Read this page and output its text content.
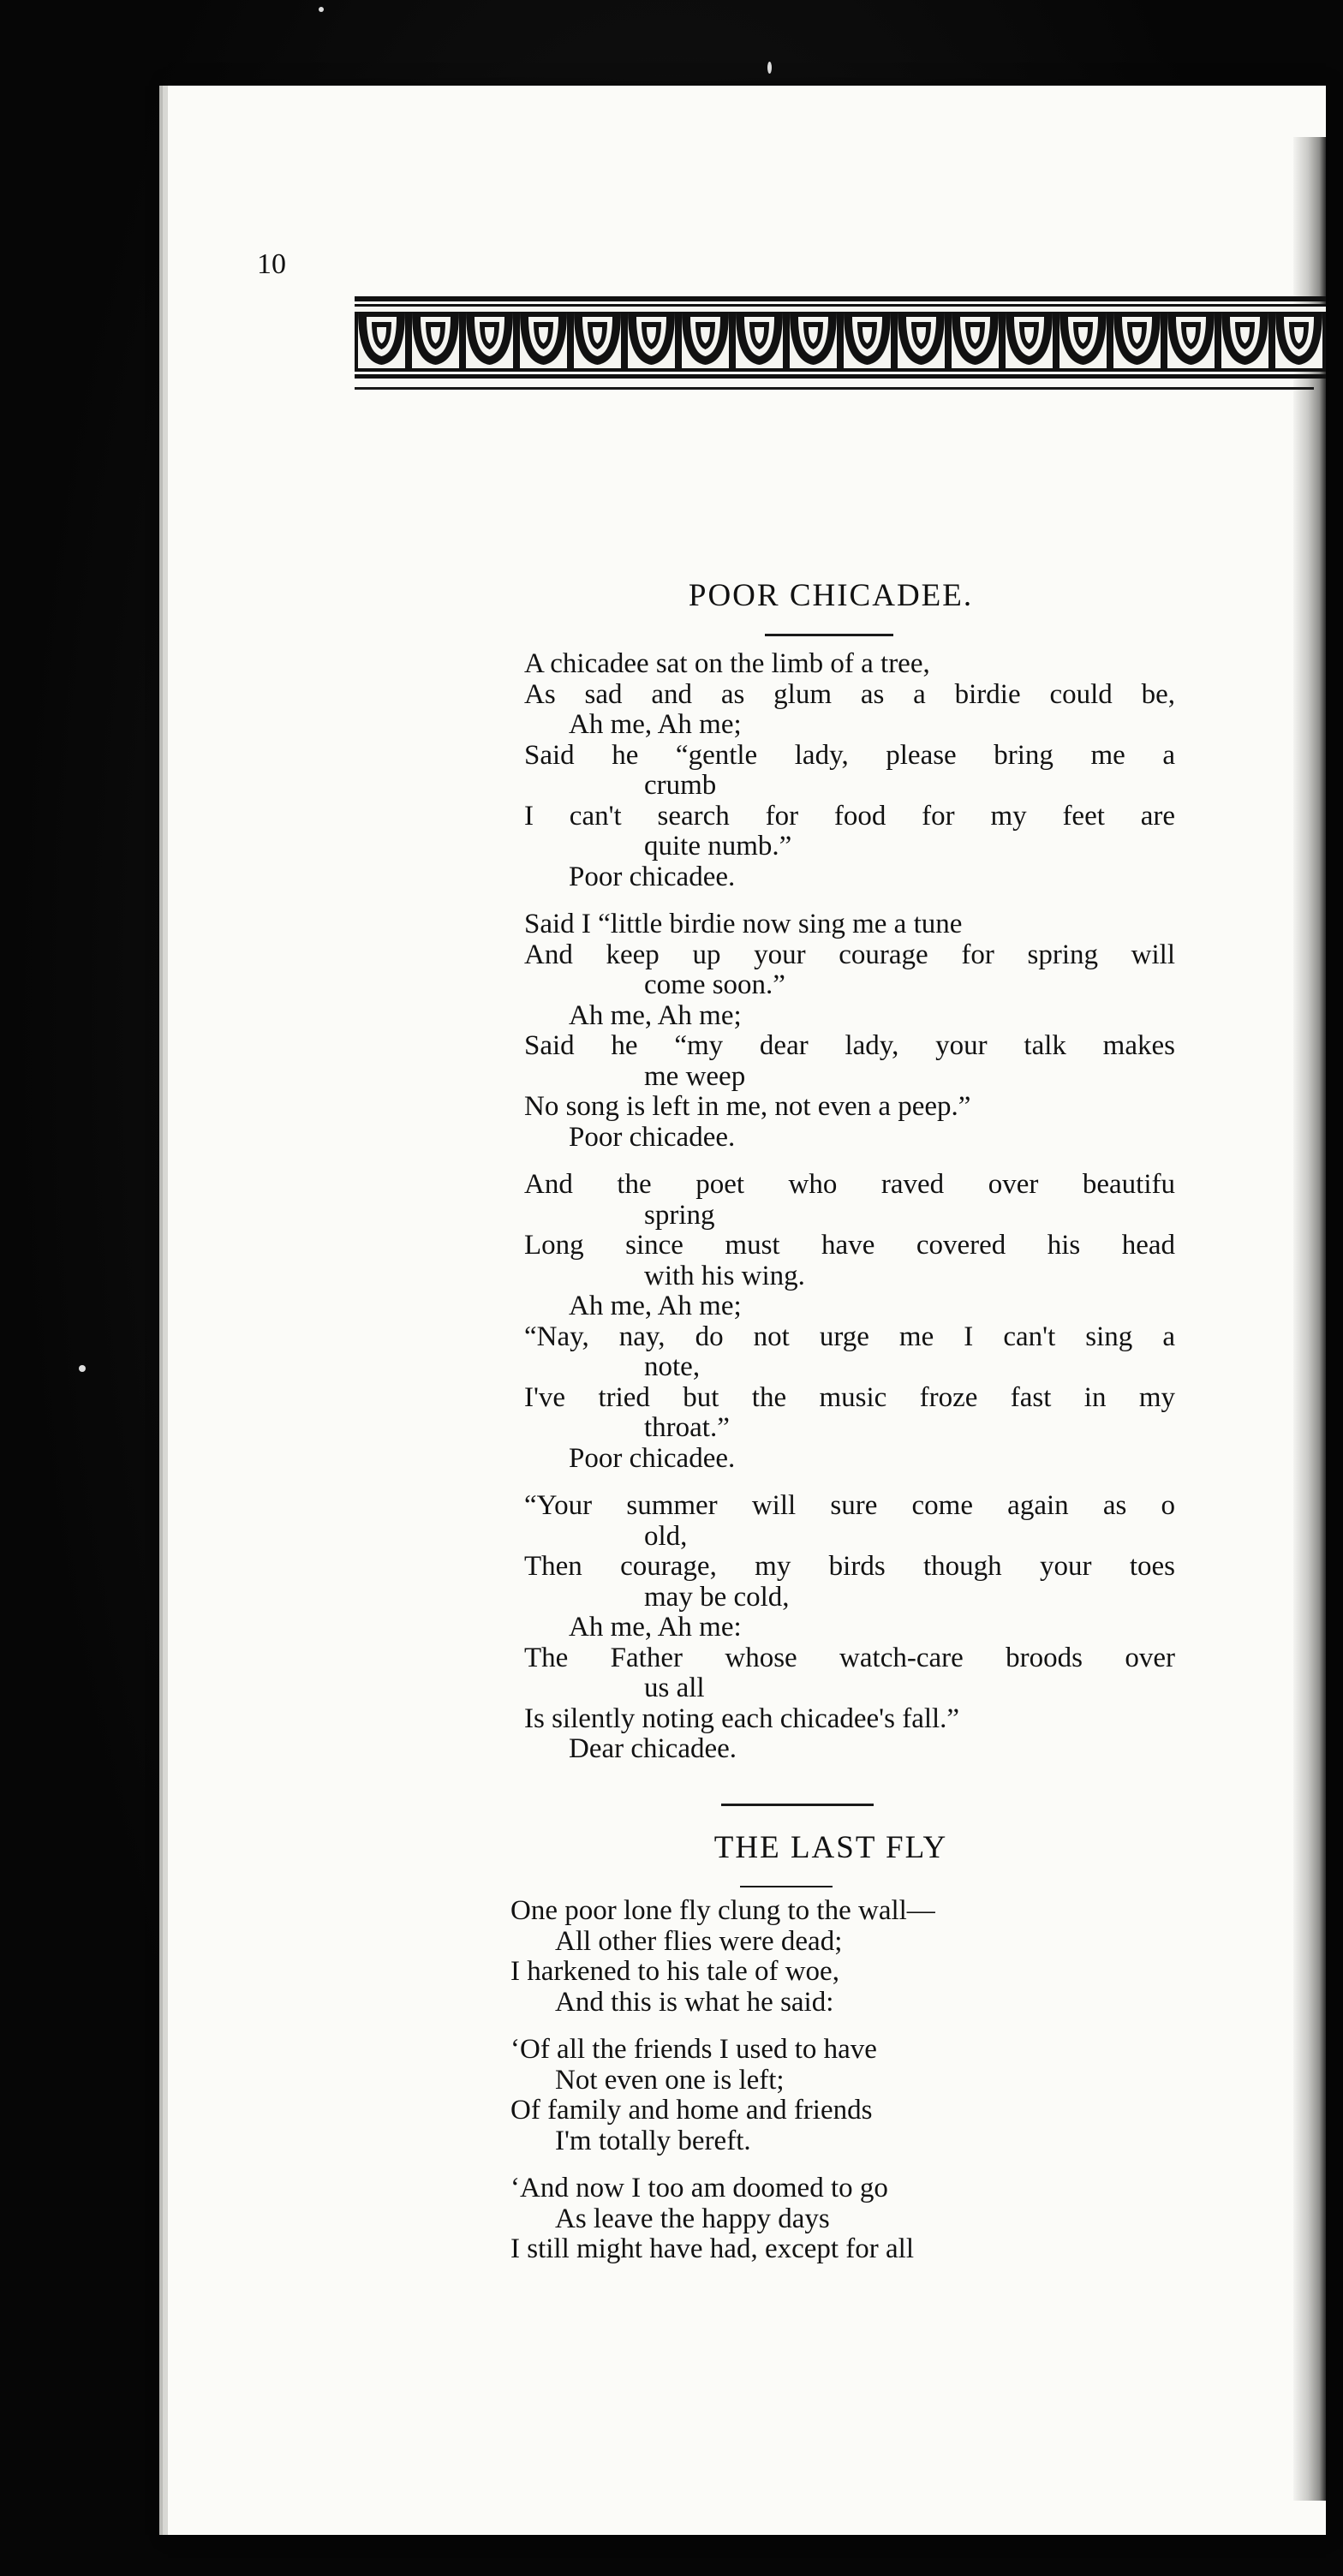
10
POOR CHICADEE.
A chicadee sat on the limb of a tree,
As sad and as glum as a birdie could be,
Ah me, Ah me;
Said he “gentle lady, please bring me a
crumb
I can't search for food for my feet are
quite numb.”
Poor chicadee.
Said I “little birdie now sing me a tune
And keep up your courage for spring will
come soon.”
Ah me, Ah me;
Said he “my dear lady, your talk makes
me weep
No song is left in me, not even a peep.”
Poor chicadee.
And the poet who raved over beautifu
spring
Long since must have covered his head
with his wing.
Ah me, Ah me;
“Nay, nay, do not urge me I can't sing a
note,
I've tried but the music froze fast in my
throat.”
Poor chicadee.
“Your summer will sure come again as o
old,
Then courage, my birds though your toes
may be cold,
Ah me, Ah me:
The Father whose watch-care broods over
us all
Is silently noting each chicadee's fall.”
Dear chicadee.
THE LAST FLY
One poor lone fly clung to the wall—
All other flies were dead;
I harkened to his tale of woe,
And this is what he said:
‘Of all the friends I used to have
Not even one is left;
Of family and home and friends
I'm totally bereft.
‘And now I too am doomed to go
As leave the happy days
I still might have had, except for all
